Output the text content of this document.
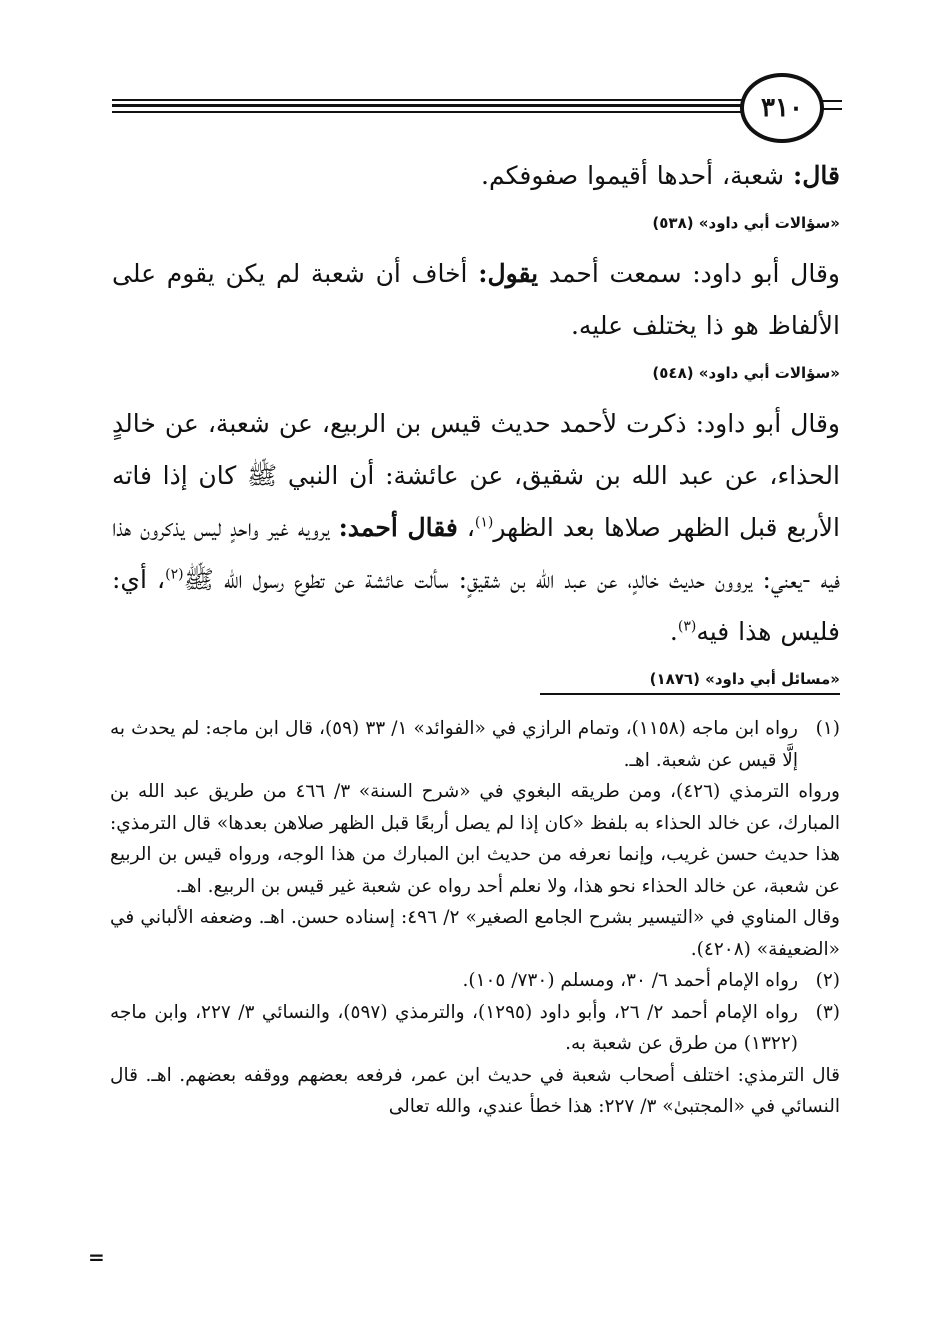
٣١٠

قال: شعبة، أحدها أقيموا صفوفكم.

«سؤالات أبي داود» (٥٣٨)

وقال أبو داود: سمعت أحمد يقول: أخاف أن شعبة لم يكن يقوم على الألفاظ هو ذا يختلف عليه.

«سؤالات أبي داود» (٥٤٨)

وقال أبو داود: ذكرت لأحمد حديث قيس بن الربيع، عن شعبة، عن خالدٍ الحذاء، عن عبد الله بن شقيق، عن عائشة: أن النبي ﷺ كان إذا فاته الأربع قبل الظهر صلاها بعد الظهر$^{(١)}$، فقال أحمد: يرويه غير واحدٍ ليس يذكرون هذا فيه -يعني: يروون حديث خالدٍ، عن عبد الله بن شقيقٍ: سألت عائشة عن تطوع رسول الله ﷺ$^{(٢)}$، أي: فليس هذا فيه$^{(٣)}$.

«مسائل أبي داود» (١٨٧٦)
(١)

رواه ابن ماجه (١١٥٨)، وتمام الرازي في «الفوائد» ١/ ٣٣ (٥٩)، قال ابن ماجه: لم يحدث به إلَّا قيس عن شعبة. اهـ.

ورواه الترمذي (٤٢٦)، ومن طريقه البغوي في «شرح السنة» ٣/ ٤٦٦ من طريق عبد الله بن المبارك، عن خالد الحذاء به بلفظ «كان إذا لم يصل أربعًا قبل الظهر صلاهن بعدها» قال الترمذي: هذا حديث حسن غريب، وإنما نعرفه من حديث ابن المبارك من هذا الوجه، ورواه قيس بن الربيع عن شعبة، عن خالد الحذاء نحو هذا، ولا نعلم أحد رواه عن شعبة غير قيس بن الربيع. اهـ.

وقال المناوي في «التيسير بشرح الجامع الصغير» ٢/ ٤٩٦: إسناده حسن. اهـ. وضعفه الألباني في «الضعيفة» (٤٢٠٨).

(٢)

رواه الإمام أحمد ٦/ ٣٠، ومسلم (٧٣٠/ ١٠٥).

(٣)

رواه الإمام أحمد ٢/ ٢٦، وأبو داود (١٢٩٥)، والترمذي (٥٩٧)، والنسائي ٣/ ٢٢٧، وابن ماجه (١٣٢٢) من طرق عن شعبة به.

قال الترمذي: اختلف أصحاب شعبة في حديث ابن عمر، فرفعه بعضهم ووقفه بعضهم. اهـ. قال النسائي في «المجتبىٰ» ٣/ ٢٢٧: هذا خطأ عندي، والله تعالى

=
